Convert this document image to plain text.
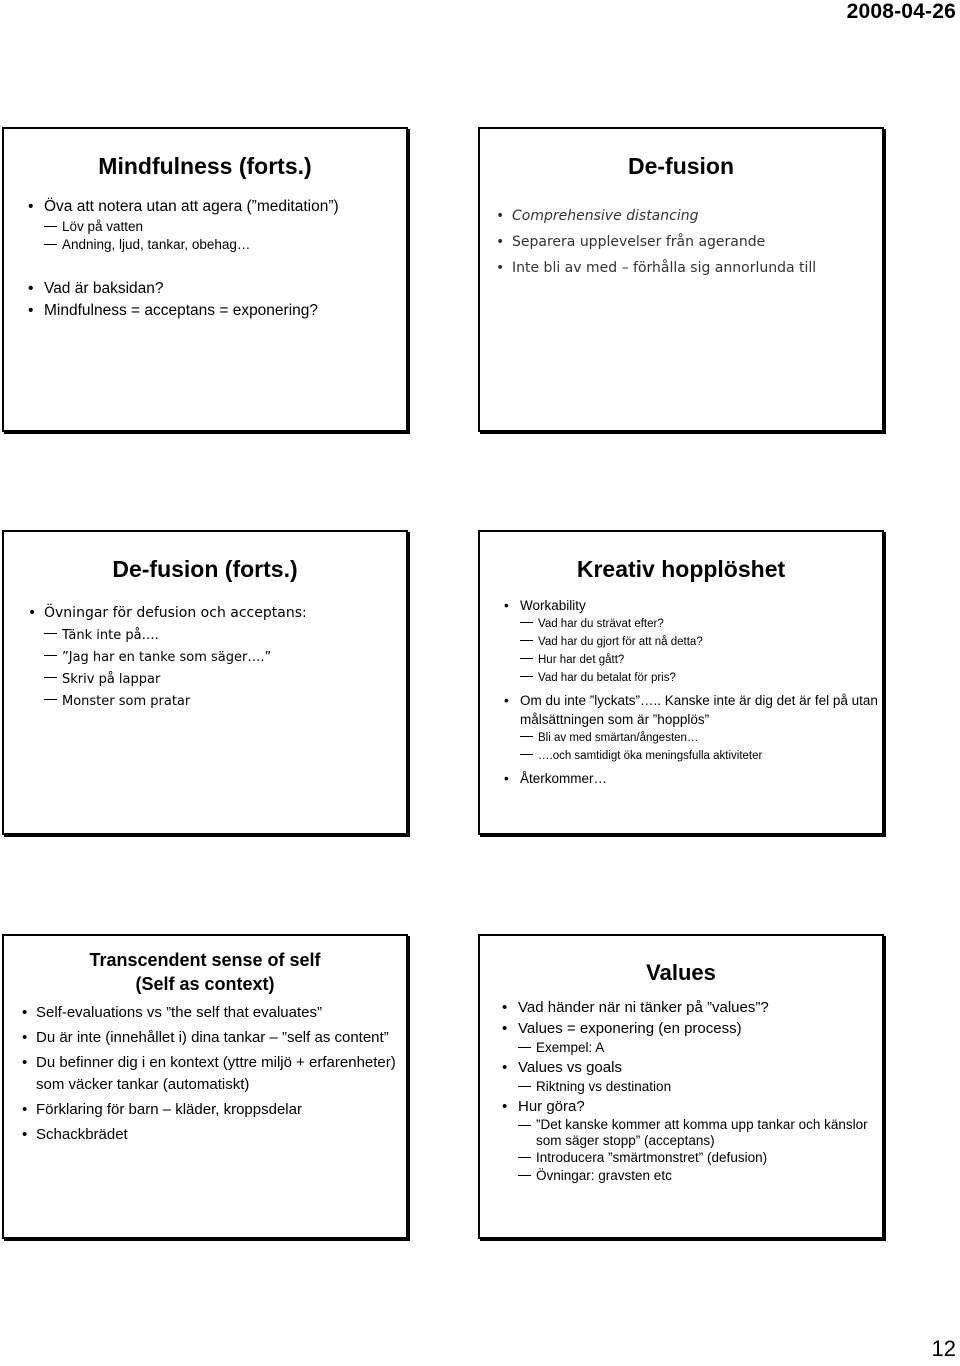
2008-04-26
Mindfulness (forts.)
• Öva att notera utan att agera (”meditation”)
Löv på vatten
Andning, ljud, tankar, obehag…
• Vad är baksidan?
• Mindfulness = acceptans = exponering?
De-fusion
• Comprehensive distancing
• Separera upplevelser från agerande
• Inte bli av med – förhålla sig annorlunda till
De-fusion (forts.)
• Övningar för defusion och acceptans:
Tänk inte på….
”Jag har en tanke som säger….”
Skriv på lappar
Monster som pratar
Kreativ hopplöshet
• Workability
Vad har du strävat efter?
Vad har du gjort för att nå detta?
Hur har det gått?
Vad har du betalat för pris?
• Om du inte ”lyckats”….. Kanske inte är dig det är fel på utan målsättningen som är ”hopplös”
Bli av med smärtan/ångesten…
….och samtidigt öka meningsfulla aktiviteter
• Återkommer…
Transcendent sense of self
(Self as context)
• Self-evaluations vs ”the self that evaluates”
• Du är inte (innehållet i) dina tankar – ”self as content”
• Du befinner dig i en kontext (yttre miljö + erfarenheter) som väcker tankar (automatiskt)
• Förklaring för barn – kläder, kroppsdelar
• Schackbrädet
Values
• Vad händer när ni tänker på ”values”?
• Values = exponering (en process)
Exempel: A
• Values vs goals
Riktning vs destination
• Hur göra?
”Det kanske kommer att komma upp tankar och känslor som säger stopp” (acceptans)
Introducera ”smärtmonstret” (defusion)
Övningar: gravsten etc
12
